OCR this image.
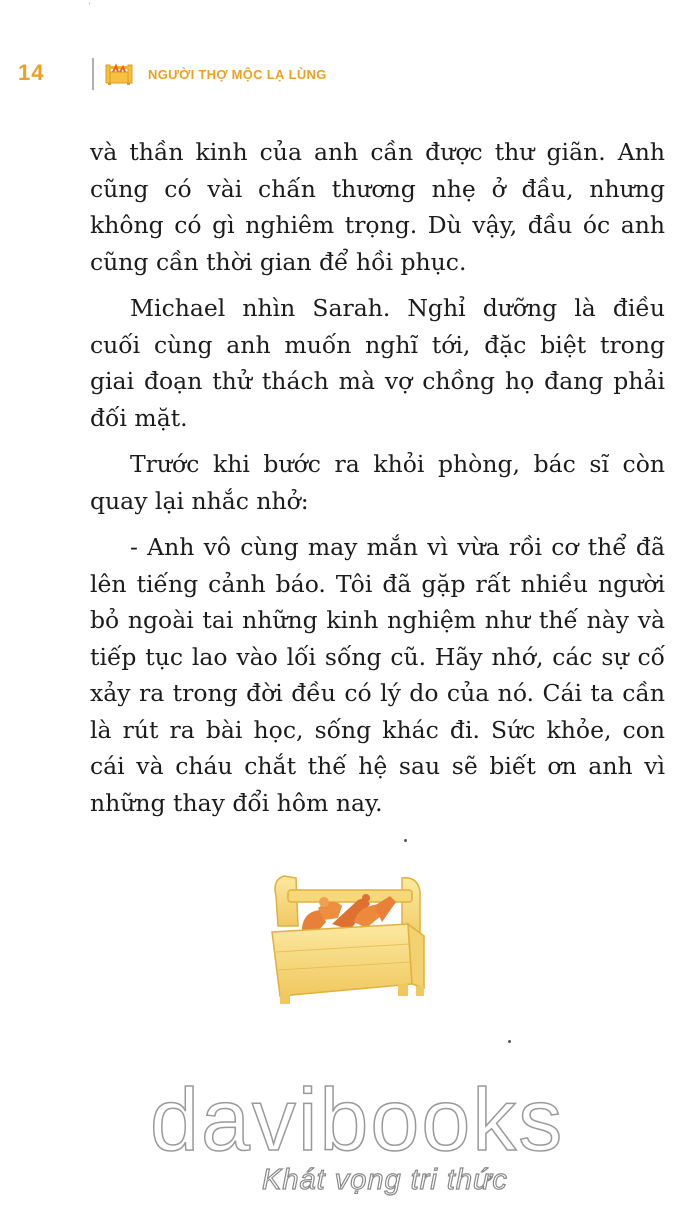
ʼ
14	NGƯỜI THỢ MỘC LẠ LÙNG

và thần kinh của anh cần được thư giãn. Anh cũng có vài chấn thương nhẹ ở đầu, nhưng không có gì nghiêm trọng. Dù vậy, đầu óc anh cũng cần thời gian để hồi phục.

Michael nhìn Sarah. Nghỉ dưỡng là điều cuối cùng anh muốn nghĩ tới, đặc biệt trong giai đoạn thử thách mà vợ chồng họ đang phải đối mặt.

Trước khi bước ra khỏi phòng, bác sĩ còn quay lại nhắc nhở:

- Anh vô cùng may mắn vì vừa rồi cơ thể đã lên tiếng cảnh báo. Tôi đã gặp rất nhiều người bỏ ngoài tai những kinh nghiệm như thế này và tiếp tục lao vào lối sống cũ. Hãy nhớ, các sự cố xảy ra trong đời đều có lý do của nó. Cái ta cần là rút ra bài học, sống khác đi. Sức khỏe, con cái và cháu chắt thế hệ sau sẽ biết ơn anh vì những thay đổi hôm nay.

davibooks
Khát vọng tri thức
